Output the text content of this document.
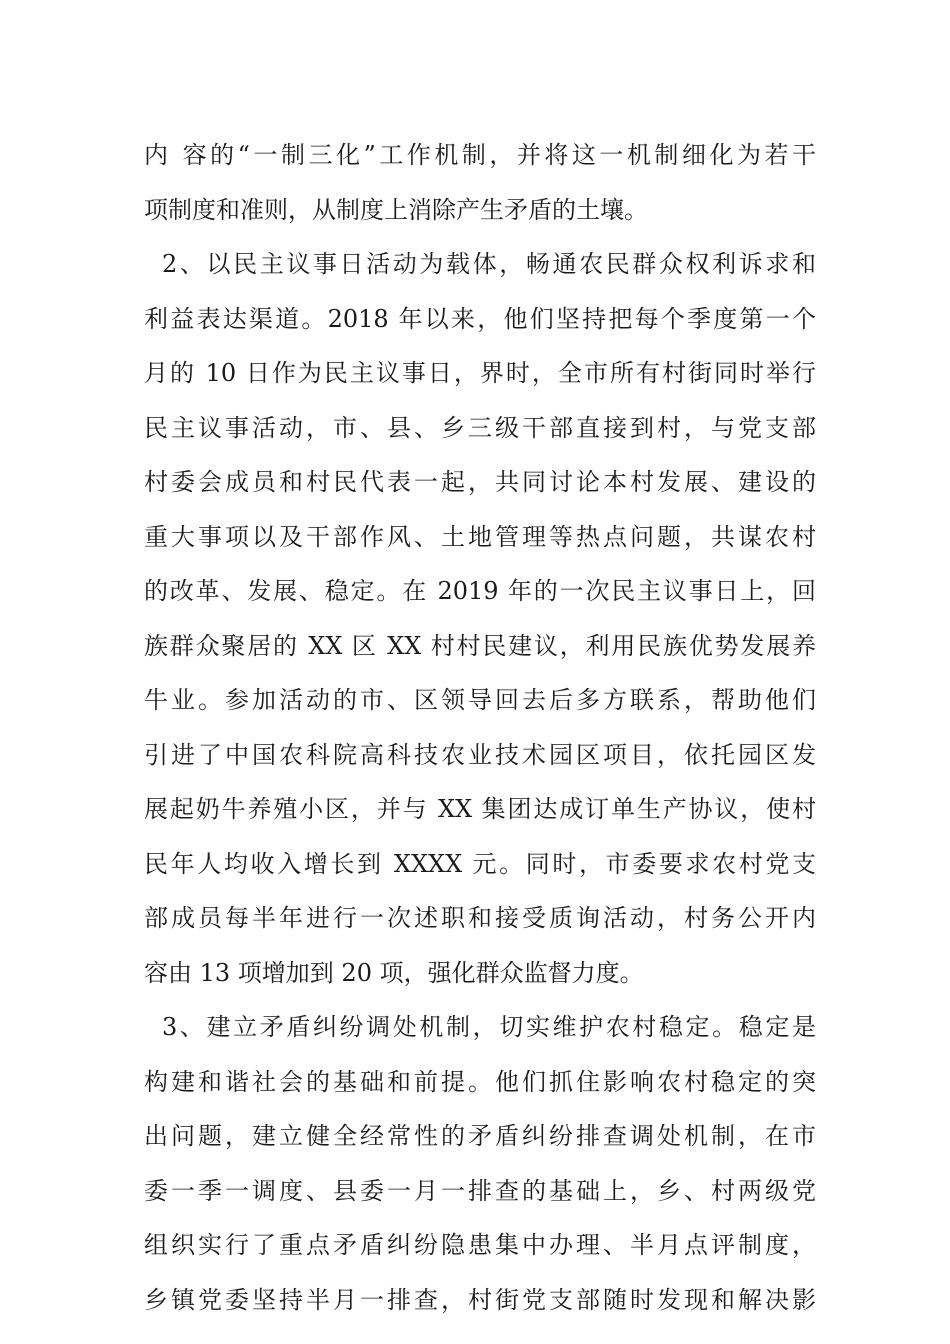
内 容的“一制三化”工作机制，并将这一机制细化为若干
项制度和准则，从制度上消除产生矛盾的土壤。
2、以民主议事日活动为载体，畅通农民群众权利诉求和
利益表达渠道。2018 年以来，他们坚持把每个季度第一个
月的 10 日作为民主议事日，界时，全市所有村街同时举行
民主议事活动，市、县、乡三级干部直接到村，与党支部
村委会成员和村民代表一起，共同讨论本村发展、建设的
重大事项以及干部作风、土地管理等热点问题，共谋农村
的改革、发展、稳定。在 2019 年的一次民主议事日上，回
族群众聚居的 XX 区 XX 村村民建议，利用民族优势发展养
牛业。参加活动的市、区领导回去后多方联系，帮助他们
引进了中国农科院高科技农业技术园区项目，依托园区发
展起奶牛养殖小区，并与 XX 集团达成订单生产协议，使村
民年人均收入增长到 XXXX 元。同时，市委要求农村党支
部成员每半年进行一次述职和接受质询活动，村务公开内
容由 13 项增加到 20 项，强化群众监督力度。
3、建立矛盾纠纷调处机制，切实维护农村稳定。稳定是
构建和谐社会的基础和前提。他们抓住影响农村稳定的突
出问题，建立健全经常性的矛盾纠纷排查调处机制，在市
委一季一调度、县委一月一排查的基础上，乡、村两级党
组织实行了重点矛盾纠纷隐患集中办理、半月点评制度，
乡镇党委坚持半月一排查，村街党支部随时发现和解决影
